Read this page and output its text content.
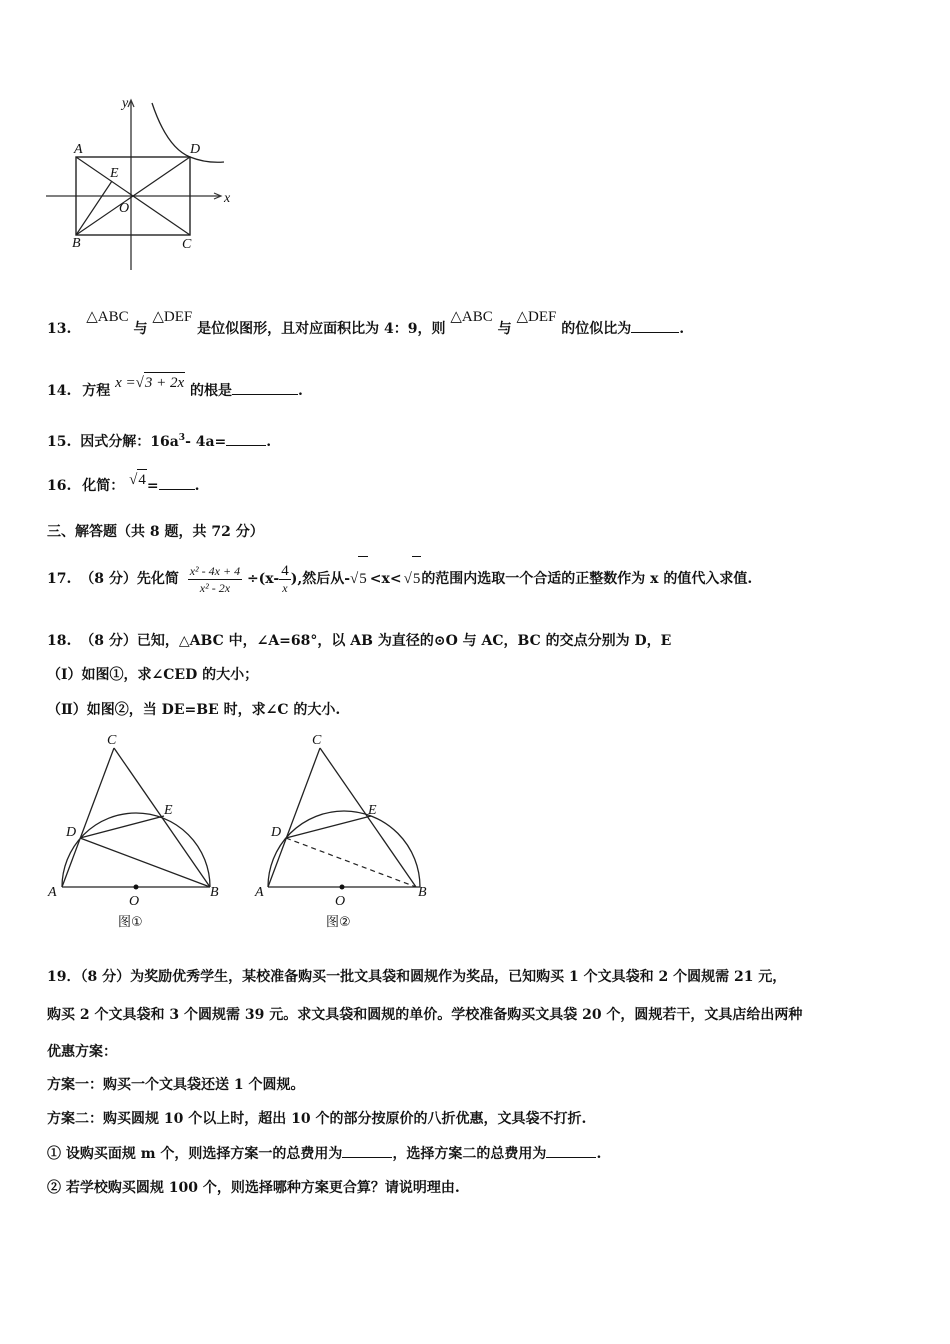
y
x
A	D
E
O
B	C
13. △ABC 与 △DEF 是位似图形，且对应面积比为 4：9，则 △ABC 与 △DEF 的位似比为	.
14. 方程 x =√3 + 2x 的根是	.
15. 因式分解：16a3- 4a=	.
16. 化简： √4=	.
三、解答题（共 8 题，共 72 分）
17. （8 分）先化简 $\frac{\text{x² - 4x + 4}}{\text{x² - 2x}} \div(x- \frac{4}{x}$ ),然后从-√5 <x< √5的范围内选取一个合适的正整数作为 x 的值代入求值.
18. （8 分）已知，△ABC 中，∠A=68°，以 AB 为直径的⊙O 与 AC，BC 的交点分别为 D，E
（Ⅰ）如图①，求∠CED 的大小；
（Ⅱ）如图②，当 DE=BE 时，求∠C 的大小.
C
E
D
A
O
B
图①
C
E
D
A
O
B
图②
19．（8 分）为奖励优秀学生，某校准备购买一批文具袋和圆规作为奖品，已知购买 1 个文具袋和 2 个圆规需 21 元，
购买 2 个文具袋和 3 个圆规需 39 元。求文具袋和圆规的单价。学校准备购买文具袋 20 个，圆规若干，文具店给出两种
优惠方案：
方案一：购买一个文具袋还送 1 个圆规。
方案二：购买圆规 10 个以上时，超出 10 个的部分按原价的八折优惠，文具袋不打折.
① 设购买面规 m 个，则选择方案一的总费用为	，选择方案二的总费用为	.
② 若学校购买圆规 100 个，则选择哪种方案更合算？请说明理由.
